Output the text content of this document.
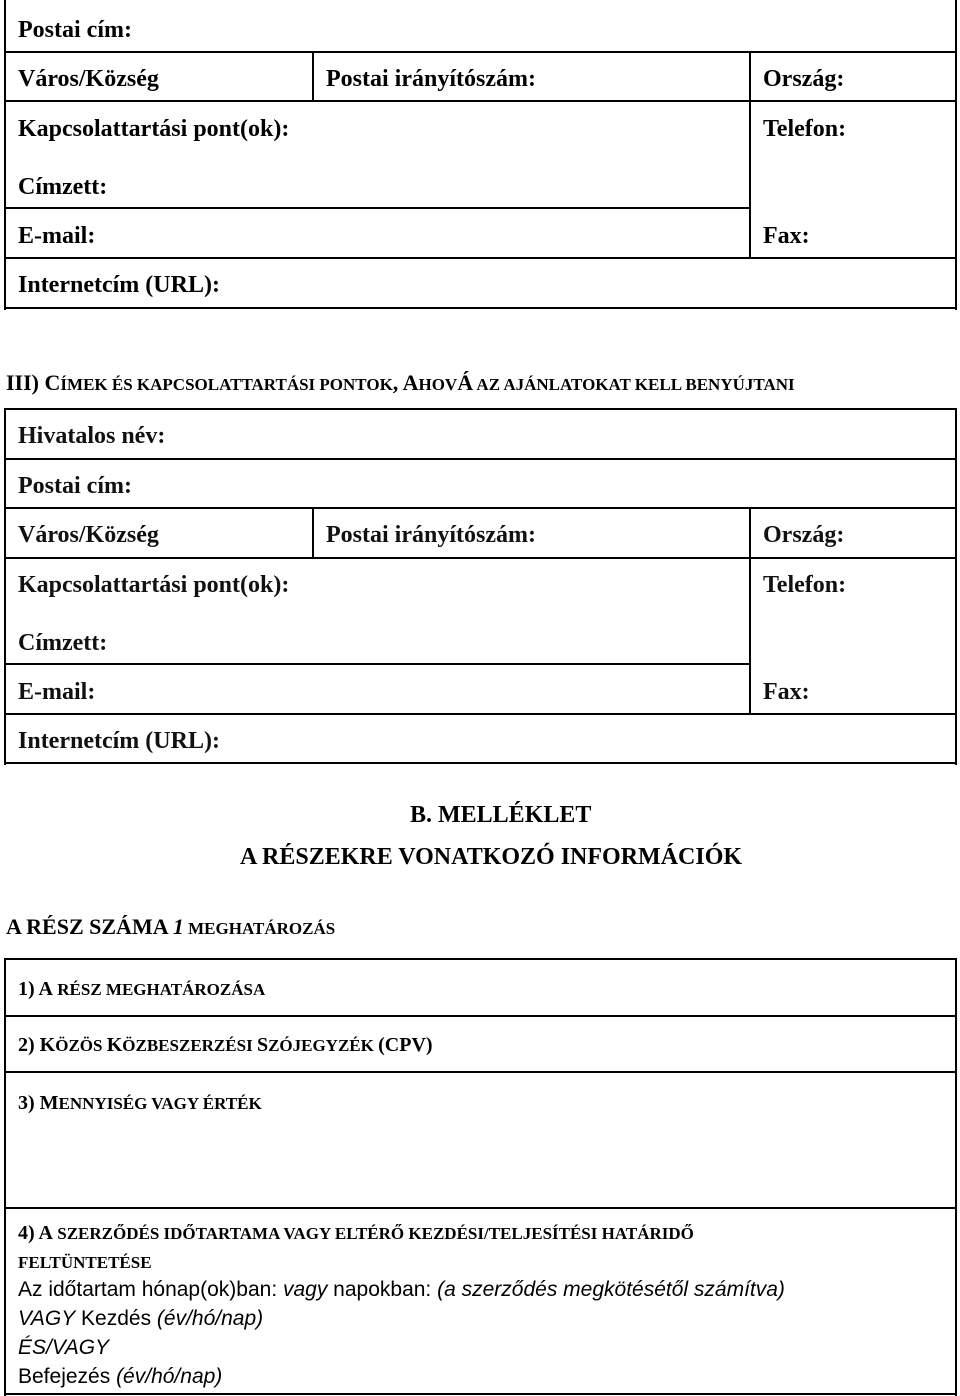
Postai cím:
Város/Község	Postai irányítószám:	Ország:
Kapcsolattartási pont(ok):	Telefon:
Címzett:
E-mail:	Fax:
Internetcím (URL):
III) CÍMEK ÉS KAPCSOLATTARTÁSI PONTOK, AHOVÁ AZ AJÁNLATOKAT KELL BENYÚJTANI
Hivatalos név:
Postai cím:
Város/Község	Postai irányítószám:	Ország:
Kapcsolattartási pont(ok):	Telefon:
Címzett:
E-mail:	Fax:
Internetcím (URL):
B. MELLÉKLET
A RÉSZEKRE VONATKOZÓ INFORMÁCIÓK
A RÉSZ SZÁMA 1 MEGHATÁROZÁS
1) A RÉSZ MEGHATÁROZÁSA
2) KÖZÖS KÖZBESZERZÉSI SZÓJEGYZÉK (CPV)
3) MENNYISÉG VAGY ÉRTÉK
4) A SZERZŐDÉS IDŐTARTAMA VAGY ELTÉRŐ KEZDÉSI/TELJESÍTÉSI HATÁRIDŐ
FELTÜNTETÉSE
Az időtartam hónap(ok)ban: vagy napokban: (a szerződés megkötésétől számítva)
VAGY Kezdés (év/hó/nap)
ÉS/VAGY
Befejezés (év/hó/nap)
